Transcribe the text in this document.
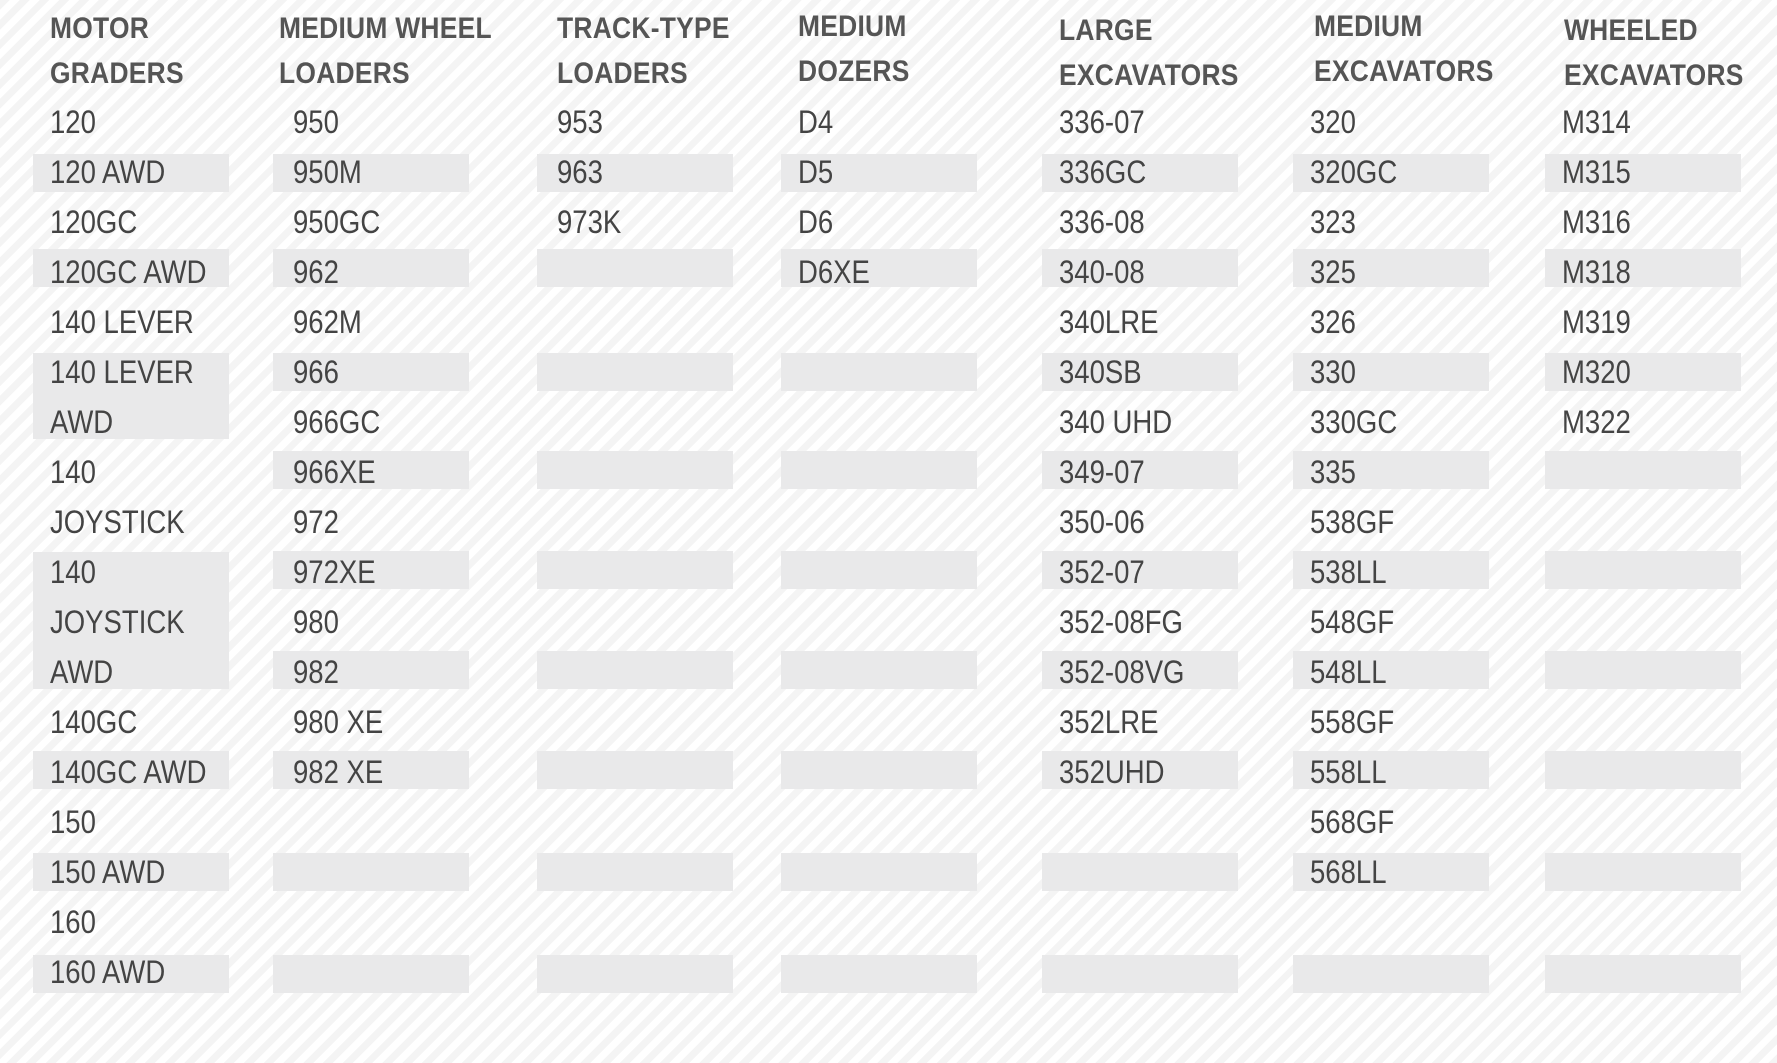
MOTOR
GRADERS
120
120 AWD
120GC
120GC AWD
140 LEVER
140 LEVER
AWD
140
JOYSTICK
140
JOYSTICK
AWD
140GC
140GC AWD
150
150 AWD
160
160 AWD
MEDIUM WHEEL
LOADERS
950
950M
950GC
962
962M
966
966GC
966XE
972
972XE
980
982
980 XE
982 XE
TRACK-TYPE
LOADERS
953
963
973K
MEDIUM
DOZERS
D4
D5
D6
D6XE
LARGE
EXCAVATORS
336-07
336GC
336-08
340-08
340LRE
340SB
340 UHD
349-07
350-06
352-07
352-08FG
352-08VG
352LRE
352UHD
MEDIUM
EXCAVATORS
320
320GC
323
325
326
330
330GC
335
538GF
538LL
548GF
548LL
558GF
558LL
568GF
568LL
WHEELED
EXCAVATORS
M314
M315
M316
M318
M319
M320
M322
